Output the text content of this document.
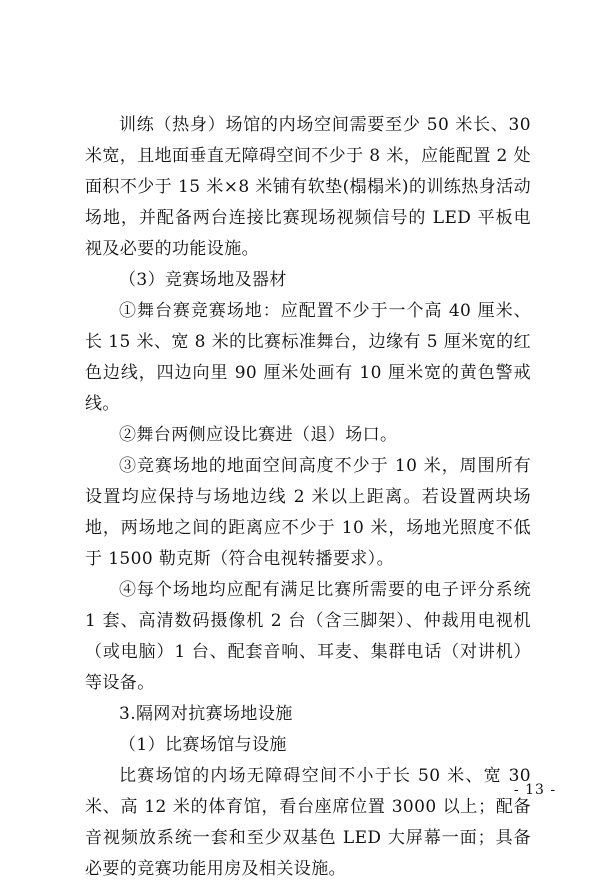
训练（热身）场馆的内场空间需要至少 50 米长、30 米宽，且地面垂直无障碍空间不少于 8 米，应能配置 2 处面积不少于 15 米×8 米铺有软垫(榻榻米)的训练热身活动场地，并配备两台连接比赛现场视频信号的 LED 平板电视及必要的功能设施。

（3）竞赛场地及器材

①舞台赛竞赛场地：应配置不少于一个高 40 厘米、长 15 米、宽 8 米的比赛标准舞台，边缘有 5 厘米宽的红色边线，四边向里 90 厘米处画有 10 厘米宽的黄色警戒线。

②舞台两侧应设比赛进（退）场口。

③竞赛场地的地面空间高度不少于 10 米，周围所有设置均应保持与场地边线 2 米以上距离。若设置两块场地，两场地之间的距离应不少于 10 米，场地光照度不低于 1500 勒克斯（符合电视转播要求）。

④每个场地均应配有满足比赛所需要的电子评分系统 1 套、高清数码摄像机 2 台（含三脚架）、仲裁用电视机（或电脑）1 台、配套音响、耳麦、集群电话（对讲机）等设备。

3.隔网对抗赛场地设施

（1）比赛场馆与设施

比赛场馆的内场无障碍空间不小于长 50 米、宽 30 米、高 12 米的体育馆，看台座席位置 3000 以上；配备音视频放系统一套和至少双基色 LED 大屏幕一面；具备必要的竞赛功能用房及相关设施。

- 13 -
